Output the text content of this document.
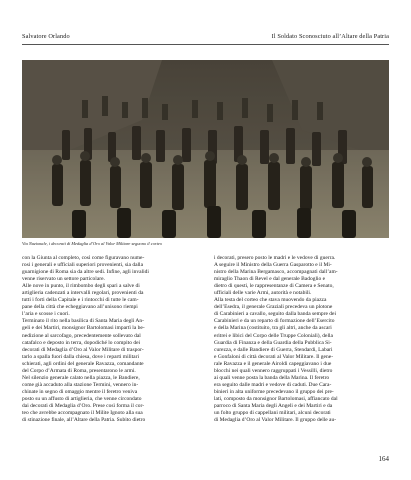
Salvatore Orlando	Il Soldato Sconosciuto all’Altare della Patria
Via Nazionale, i decorati di Medaglia d’Oro al Valor Militare seguono il corteo

con la Giunta al completo, così come figuravano nume-

rosi i generali e ufficiali superiori provenienti, sia dalla

guarnigione di Roma sia da altre sedi. Infine, agli invalidi

venne riservato un settore particolare.

Alle nove in punto, il rimbombo degli spari a salve di

artiglieria cadenzati a intervalli regolari, provenienti da

tutti i forti della Capitale e i rintocchi di tutte le cam-

pane della città che echeggiavano all’unisono riempi

l’aria e scosse i cuori.

Terminato il rito nella basilica di Santa Maria degli An-

geli e dei Martiri, monsignor Bartolomasi impartì la be-

nedizione al sarcofago, precedentemente sollevato dal

catafalco e deposto in terra, dopodiché lo compito dei

decorati di Medaglia d’Oro al Valor Militare di traspor-

tarlo a spalla fuori dalla chiesa, dove i reparti militari

schierati, agli ordini del generale Ravazza, comandante

del Corpo d’Armata di Roma, presentarono le armi.

Nel silenzio generale calato nella piazza, le Bandiere,

come già accaduto alla stazione Termini, vennero in-

chinate in segno di omaggio mentre il feretro veniva

posto su un affusto di artiglieria, che venne circondato

dai decorati di Medaglia d’Oro. Prese così forma il cor-

teo che avrebbe accompagnato il Milite Ignoto alla sua

di stinazione finale, all’Altare della Patria. Subito dietro

i decorati, presero posto le madri e le vedove di guerra.

A seguire il Ministro della Guerra Gasparotto e il Mi-

nistro della Marina Bergamasco, accompagnati dall’am-

miraglio Thaon di Revel e dal generale Badoglio e

dietro di questi, le rappresentanze di Camera e Senato,

ufficiali delle varie Armi, autorità e notabili.

Alla testa del corteo che stava muovendo da piazza

dell’Esedra, il generale Graziali precedeva un plotone

di Carabinieri a cavallo, seguito dalla banda sempre dei

Carabinieri e da un reparto di formazione dell’Esercito

e della Marina (costituito, tra gli altri, anche da ascari

eritrei e libici del Corpo delle Truppe Coloniali), della

Guardia di Finanza e della Guardia della Pubblica Si-

curezza, e dalle Bandiere di Guerra, Stendardi, Labari

e Gonfaloni di città decorati al Valor Militare. Il gene-

rale Ravazza e il generale Airoldi capeggiavano i due

blocchi nei quali vennero raggruppati i Vessilli, dietro

ai quali venne posta la banda della Marina. Il feretro

era seguito dalle madri e vedove di caduti. Due Cara-

binieri in alta uniforme precedevano il gruppo dei pre-

lati, composto da monsignor Bartolomasi, affiancato dal

parroco di Santa Maria degli Angeli e dei Martiri e da

un folto gruppo di cappellani militari, alcuni decorati

di Medaglia d’Oro al Valor Militare. Il gruppo delle au-

164
